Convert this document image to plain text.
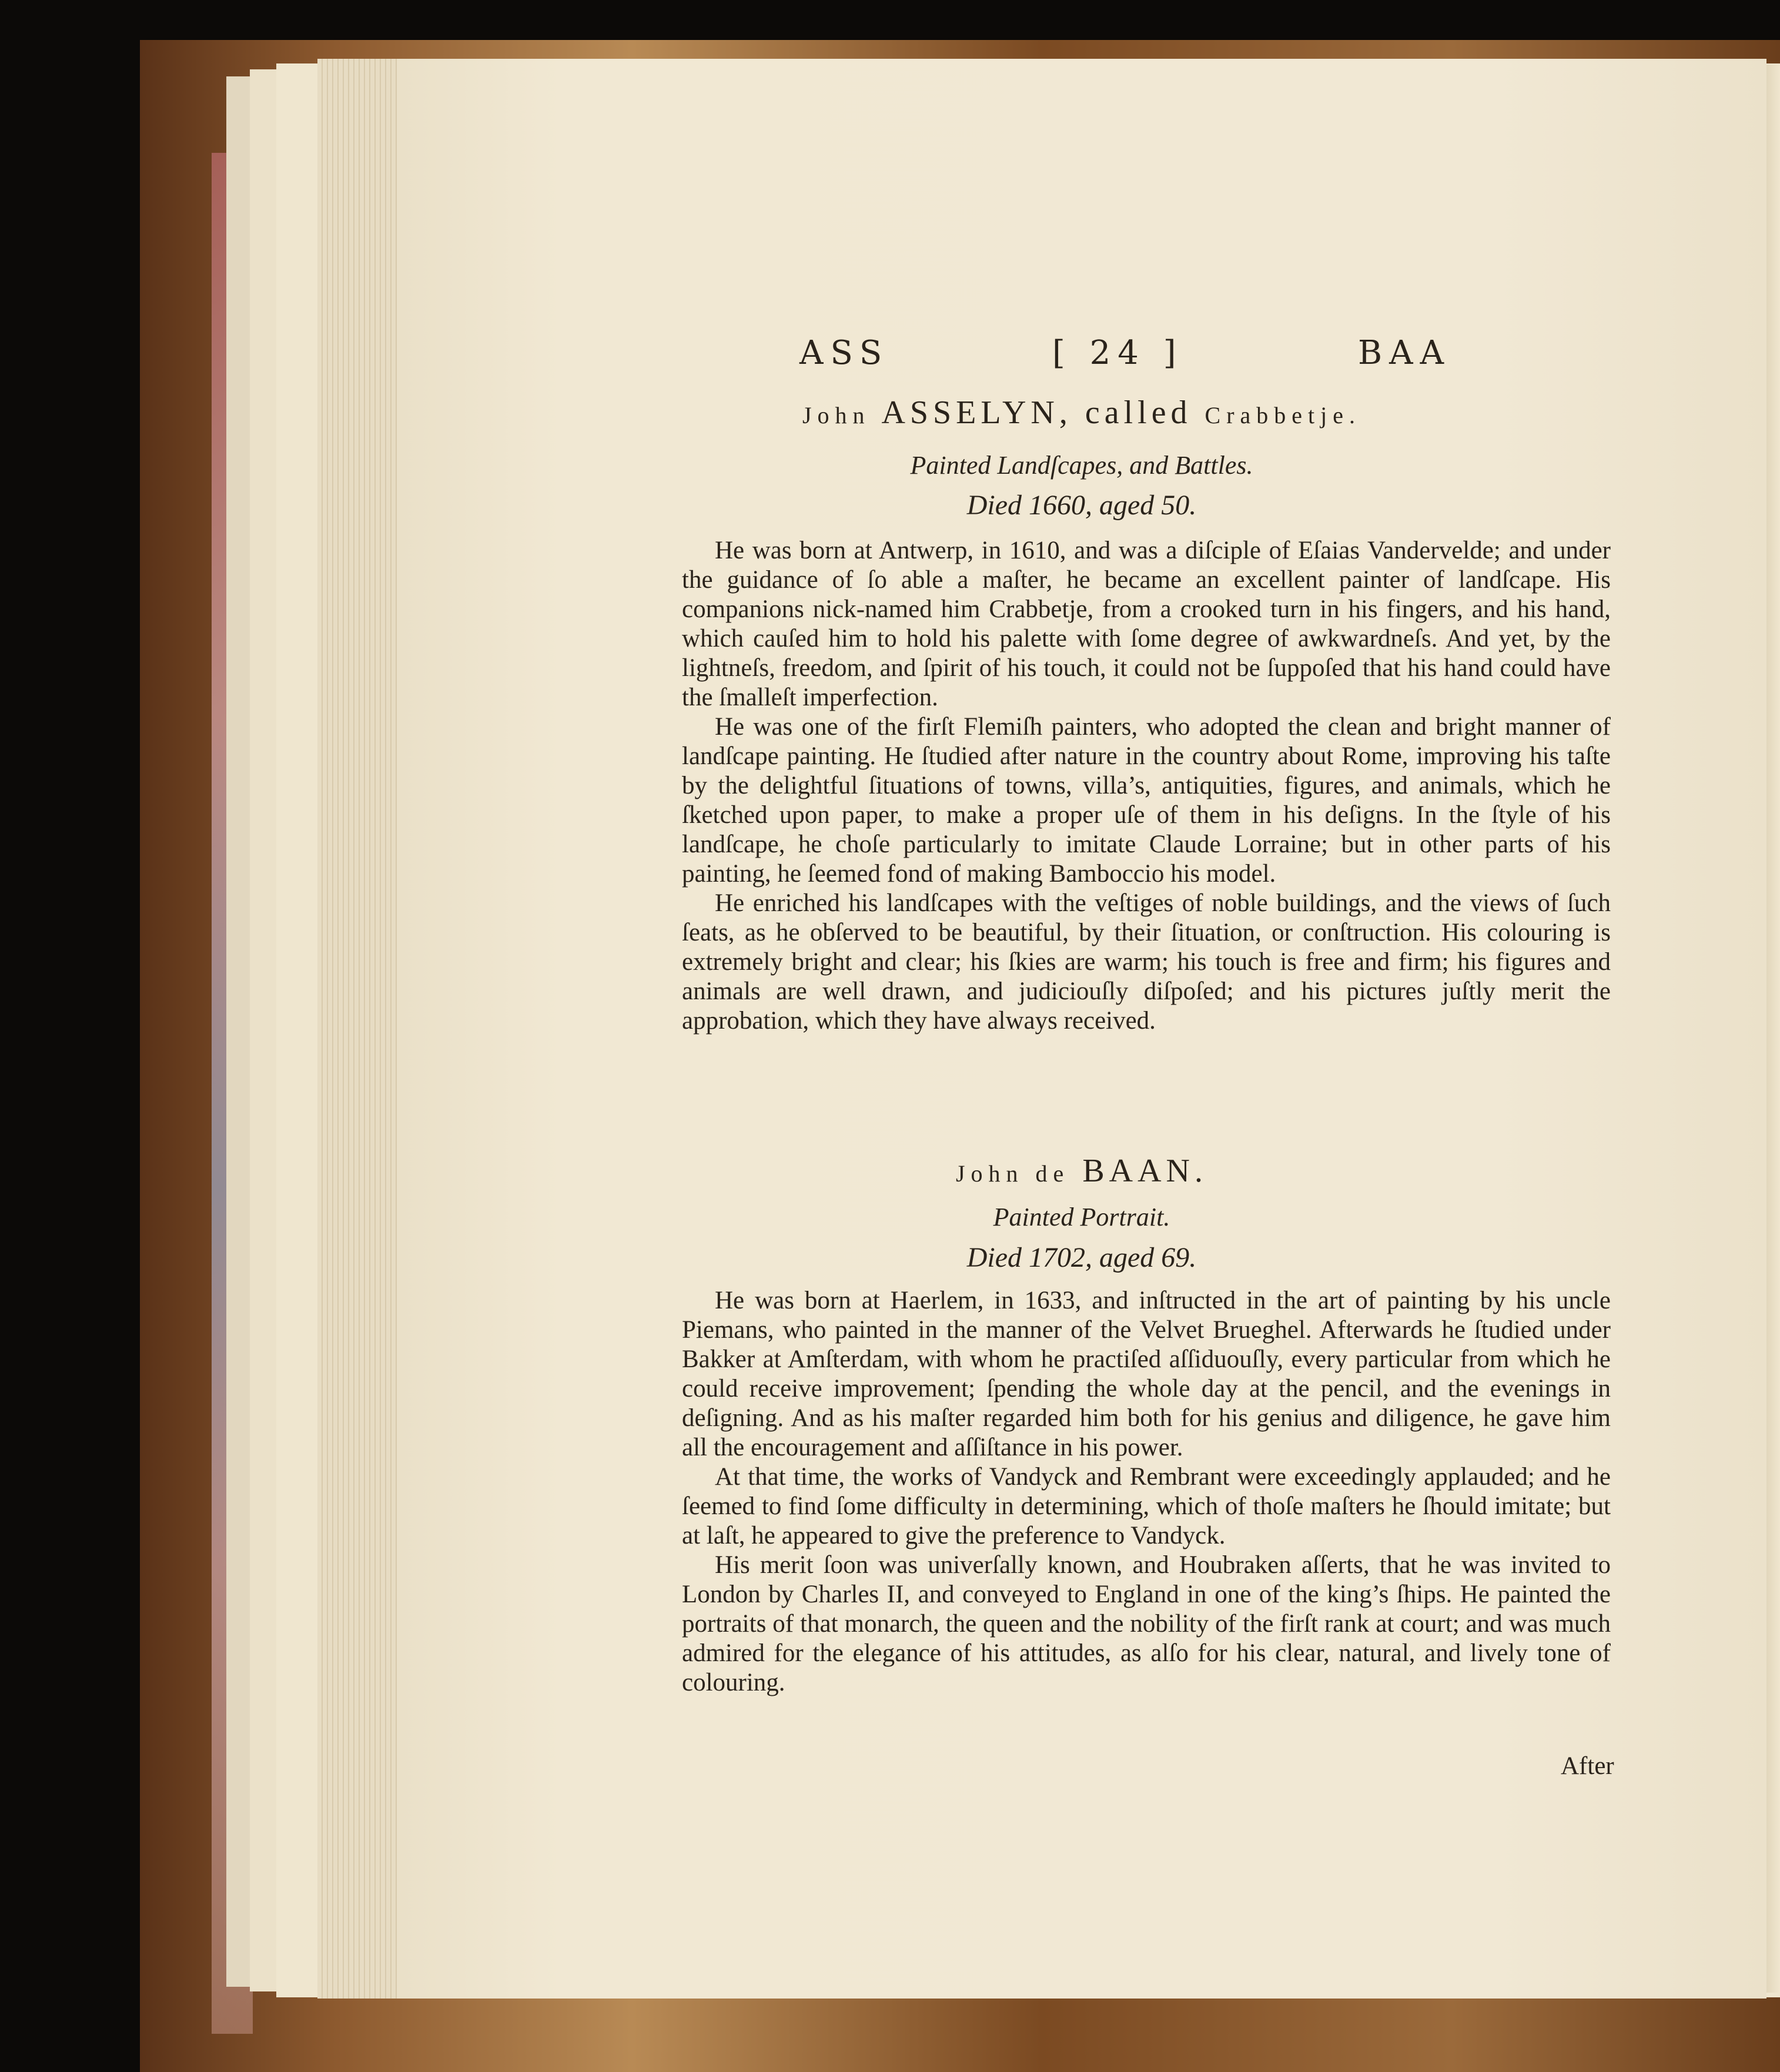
ASS	[ 24 ]	BAA
John ASSELYN, called Crabbetje.
Painted Landſcapes, and Battles.
Died 1660, aged 50.

He was born at Antwerp, in 1610, and was a diſciple of Eſaias Vandervelde; and under the guidance of ſo able a maſter, he became an excellent painter of landſcape. His companions nick-named him Crabbetje, from a crooked turn in his fingers, and his hand, which cauſed him to hold his palette with ſome degree of awkwardneſs. And yet, by the lightneſs, freedom, and ſpirit of his touch, it could not be ſuppoſed that his hand could have the ſmalleſt imperfection.

He was one of the firſt Flemiſh painters, who adopted the clean and bright manner of landſcape painting. He ſtudied after nature in the country about Rome, improving his taſte by the delightful ſituations of towns, villa’s, antiquities, figures, and animals, which he ſketched upon paper, to make a proper uſe of them in his deſigns. In the ſtyle of his landſcape, he choſe particularly to imitate Claude Lorraine; but in other parts of his painting, he ſeemed fond of making Bamboccio his model.

He enriched his landſcapes with the veſtiges of noble buildings, and the views of ſuch ſeats, as he obſerved to be beautiful, by their ſituation, or conſtruction. His colouring is extremely bright and clear; his ſkies are warm; his touch is free and firm; his figures and animals are well drawn, and judiciouſly diſpoſed; and his pictures juſtly merit the approbation, which they have always received.

John de BAAN.
Painted Portrait.
Died 1702, aged 69.

He was born at Haerlem, in 1633, and inſtructed in the art of painting by his uncle Piemans, who painted in the manner of the Velvet Brueghel. Afterwards he ſtudied under Bakker at Amſterdam, with whom he practiſed aſſiduouſly, every particular from which he could receive improvement; ſpending the whole day at the pencil, and the evenings in deſigning. And as his maſter regarded him both for his genius and diligence, he gave him all the encouragement and aſſiſtance in his power.

At that time, the works of Vandyck and Rembrant were exceedingly applauded; and he ſeemed to find ſome difficulty in determining, which of thoſe maſters he ſhould imitate; but at laſt, he appeared to give the preference to Vandyck.

His merit ſoon was univerſally known, and Houbraken aſſerts, that he was invited to London by Charles II, and conveyed to England in one of the king’s ſhips. He painted the portraits of that monarch, the queen and the nobility of the firſt rank at court; and was much admired for the elegance of his attitudes, as alſo for his clear, natural, and lively tone of colouring.

After
